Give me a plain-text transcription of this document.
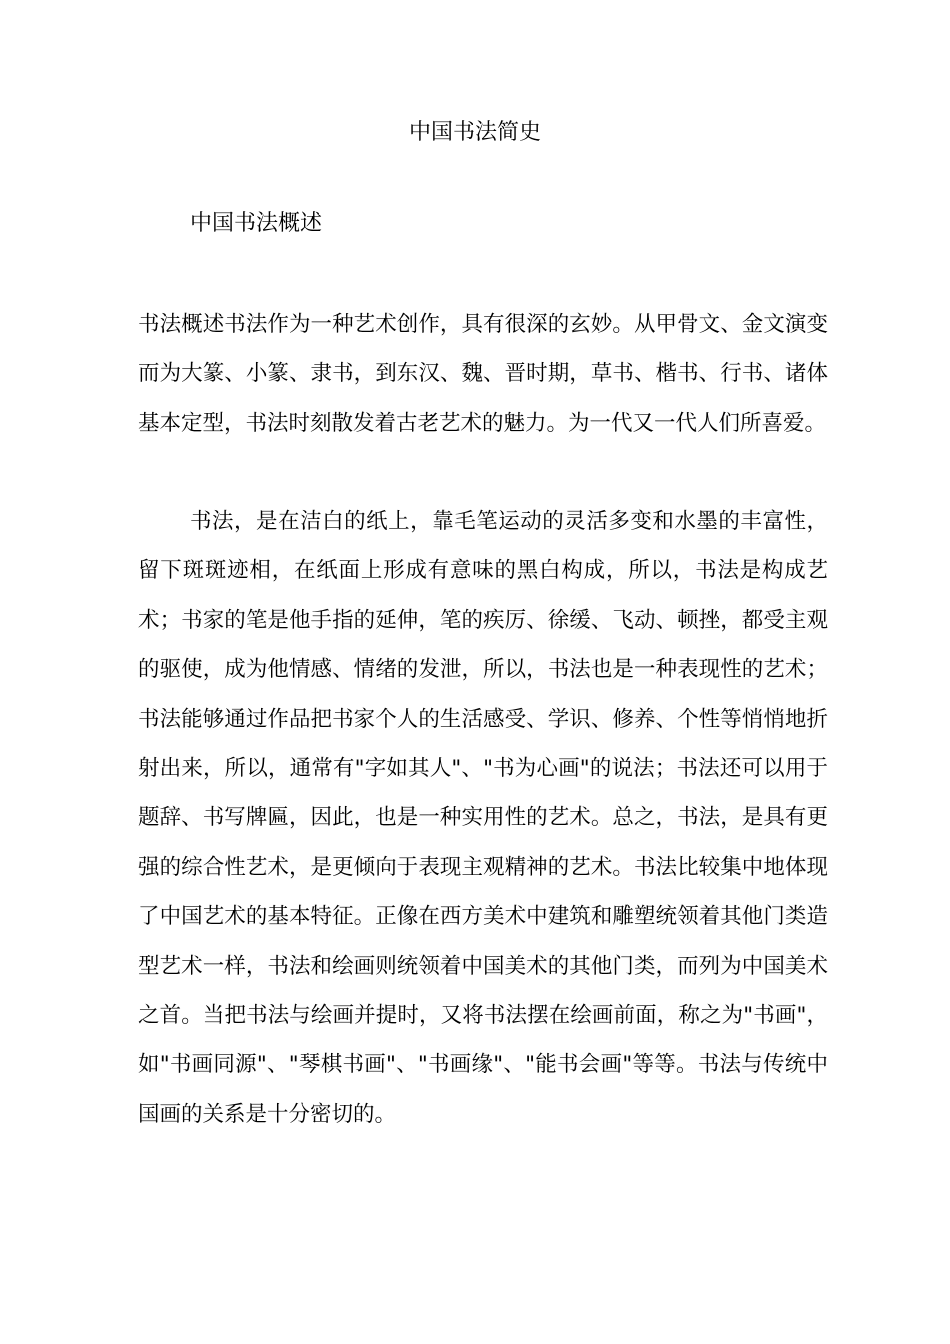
中国书法简史
中国书法概述

书法概述书法作为一种艺术创作，具有很深的玄妙。从甲骨文、金文演变而为大篆、小篆、隶书，到东汉、魏、晋时期，草书、楷书、行书、诸体基本定型，书法时刻散发着古老艺术的魅力。为一代又一代人们所喜爱。

书法，是在洁白的纸上，靠毛笔运动的灵活多变和水墨的丰富性，留下斑斑迹相，在纸面上形成有意味的黑白构成，所以，书法是构成艺术；书家的笔是他手指的延伸，笔的疾厉、徐缓、飞动、顿挫，都受主观的驱使，成为他情感、情绪的发泄，所以，书法也是一种表现性的艺术；书法能够通过作品把书家个人的生活感受、学识、修养、个性等悄悄地折射出来，所以，通常有"字如其人"、"书为心画"的说法；书法还可以用于题辞、书写牌匾，因此，也是一种实用性的艺术。总之，书法，是具有更强的综合性艺术，是更倾向于表现主观精神的艺术。书法比较集中地体现了中国艺术的基本特征。正像在西方美术中建筑和雕塑统领着其他门类造型艺术一样，书法和绘画则统领着中国美术的其他门类，而列为中国美术之首。当把书法与绘画并提时，又将书法摆在绘画前面，称之为"书画"，如"书画同源"、"琴棋书画"、"书画缘"、"能书会画"等等。书法与传统中国画的关系是十分密切的。
